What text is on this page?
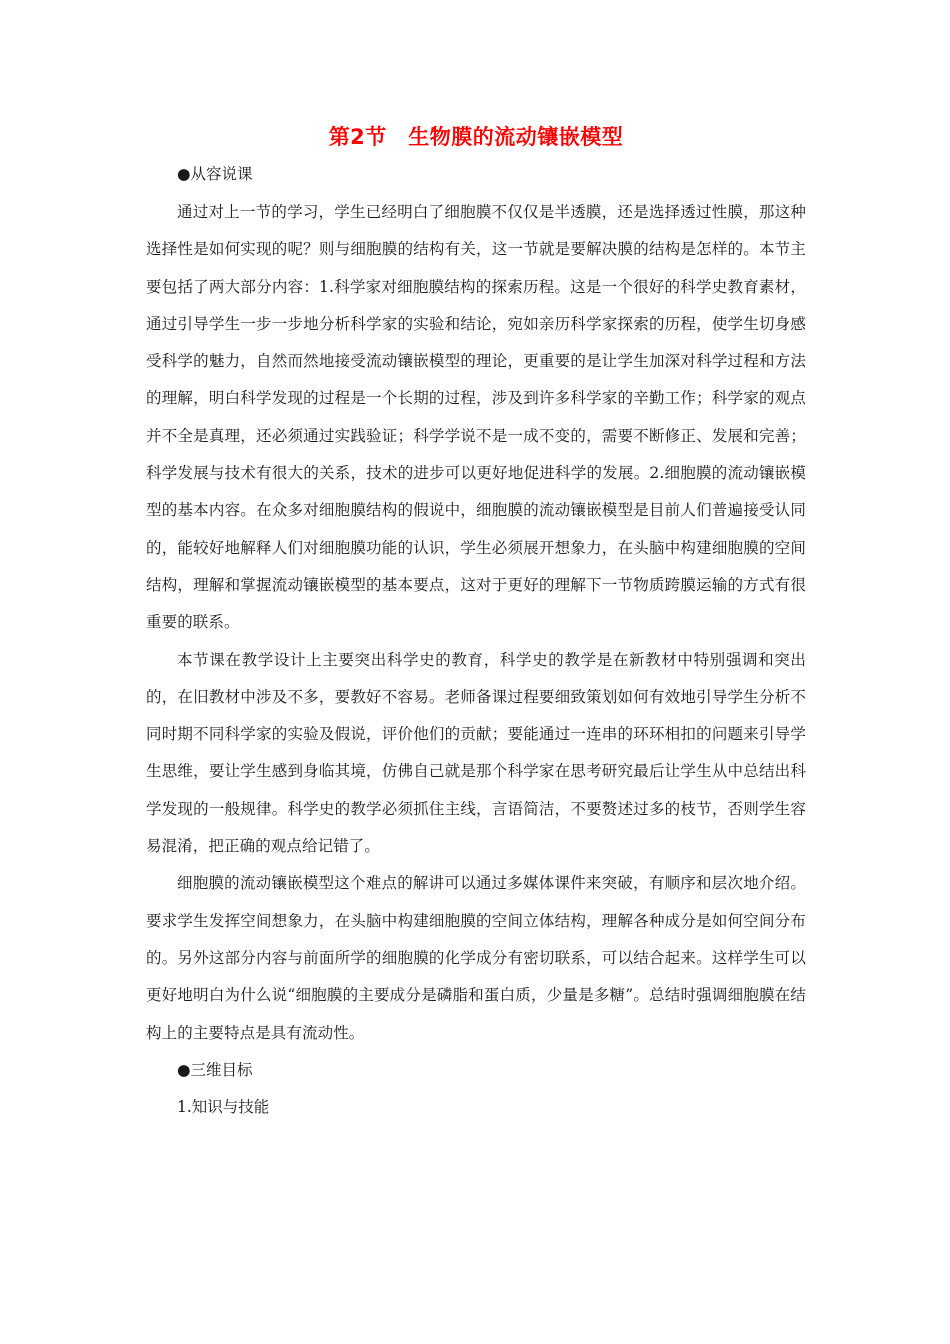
第2节　生物膜的流动镶嵌模型

●从容说课

通过对上一节的学习，学生已经明白了细胞膜不仅仅是半透膜，还是选择透过性膜，那这种选择性是如何实现的呢？则与细胞膜的结构有关，这一节就是要解决膜的结构是怎样的。本节主要包括了两大部分内容：1.科学家对细胞膜结构的探索历程。这是一个很好的科学史教育素材，通过引导学生一步一步地分析科学家的实验和结论，宛如亲历科学家探索的历程，使学生切身感受科学的魅力，自然而然地接受流动镶嵌模型的理论，更重要的是让学生加深对科学过程和方法的理解，明白科学发现的过程是一个长期的过程，涉及到许多科学家的辛勤工作；科学家的观点并不全是真理，还必须通过实践验证；科学学说不是一成不变的，需要不断修正、发展和完善；科学发展与技术有很大的关系，技术的进步可以更好地促进科学的发展。2.细胞膜的流动镶嵌模型的基本内容。在众多对细胞膜结构的假说中，细胞膜的流动镶嵌模型是目前人们普遍接受认同的，能较好地解释人们对细胞膜功能的认识，学生必须展开想象力，在头脑中构建细胞膜的空间结构，理解和掌握流动镶嵌模型的基本要点，这对于更好的理解下一节物质跨膜运输的方式有很重要的联系。

本节课在教学设计上主要突出科学史的教育，科学史的教学是在新教材中特别强调和突出的，在旧教材中涉及不多，要教好不容易。老师备课过程要细致策划如何有效地引导学生分析不同时期不同科学家的实验及假说，评价他们的贡献；要能通过一连串的环环相扣的问题来引导学生思维，要让学生感到身临其境，仿佛自己就是那个科学家在思考研究最后让学生从中总结出科学发现的一般规律。科学史的教学必须抓住主线，言语简洁，不要赘述过多的枝节，否则学生容易混淆，把正确的观点给记错了。

细胞膜的流动镶嵌模型这个难点的解讲可以通过多媒体课件来突破，有顺序和层次地介绍。要求学生发挥空间想象力，在头脑中构建细胞膜的空间立体结构，理解各种成分是如何空间分布的。另外这部分内容与前面所学的细胞膜的化学成分有密切联系，可以结合起来。这样学生可以更好地明白为什么说“细胞膜的主要成分是磷脂和蛋白质，少量是多糖”。总结时强调细胞膜在结构上的主要特点是具有流动性。

●三维目标

1.知识与技能
